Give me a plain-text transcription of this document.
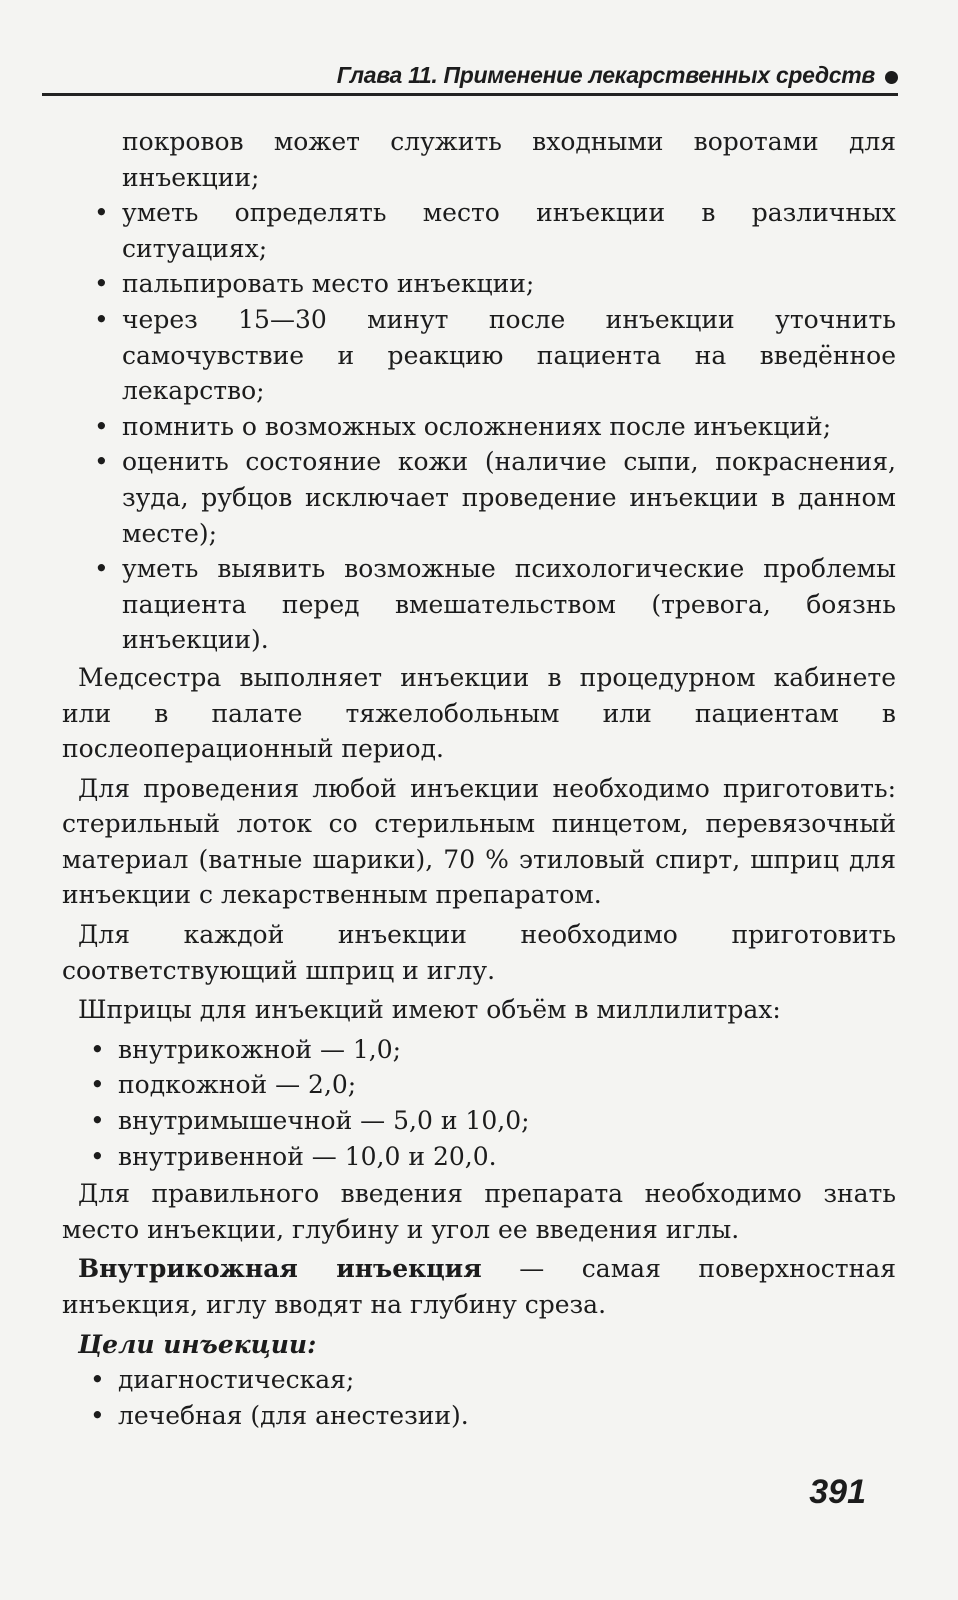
Глава 11. Применение лекарственных средств
покровов может служить входными воротами для инъекции;
• уметь определять место инъекции в различных ситуациях;
• пальпировать место инъекции;
• через 15—30 минут после инъекции уточнить самочувствие и реакцию пациента на введённое лекарство;
• помнить о возможных осложнениях после инъекций;
• оценить состояние кожи (наличие сыпи, покраснения, зуда, рубцов исключает проведение инъекции в данном месте);
• уметь выявить возможные психологические проблемы пациента перед вмешательством (тревога, боязнь инъекции).

Медсестра выполняет инъекции в процедурном кабинете или в палате тяжелобольным или пациентам в послеоперационный период.

Для проведения любой инъекции необходимо приготовить: стерильный лоток со стерильным пинцетом, перевязочный материал (ватные шарики), 70 % этиловый спирт, шприц для инъекции с лекарственным препаратом.

Для каждой инъекции необходимо приготовить соответствующий шприц и иглу.

Шприцы для инъекций имеют объём в миллилитрах:

• внутрикожной — 1,0;
• подкожной — 2,0;
• внутримышечной — 5,0 и 10,0;
• внутривенной — 10,0 и 20,0.

Для правильного введения препарата необходимо знать место инъекции, глубину и угол ее введения иглы.

Внутрикожная инъекция — самая поверхностная инъекция, иглу вводят на глубину среза.

Цели инъекции:
• диагностическая;
• лечебная (для анестезии).
391
